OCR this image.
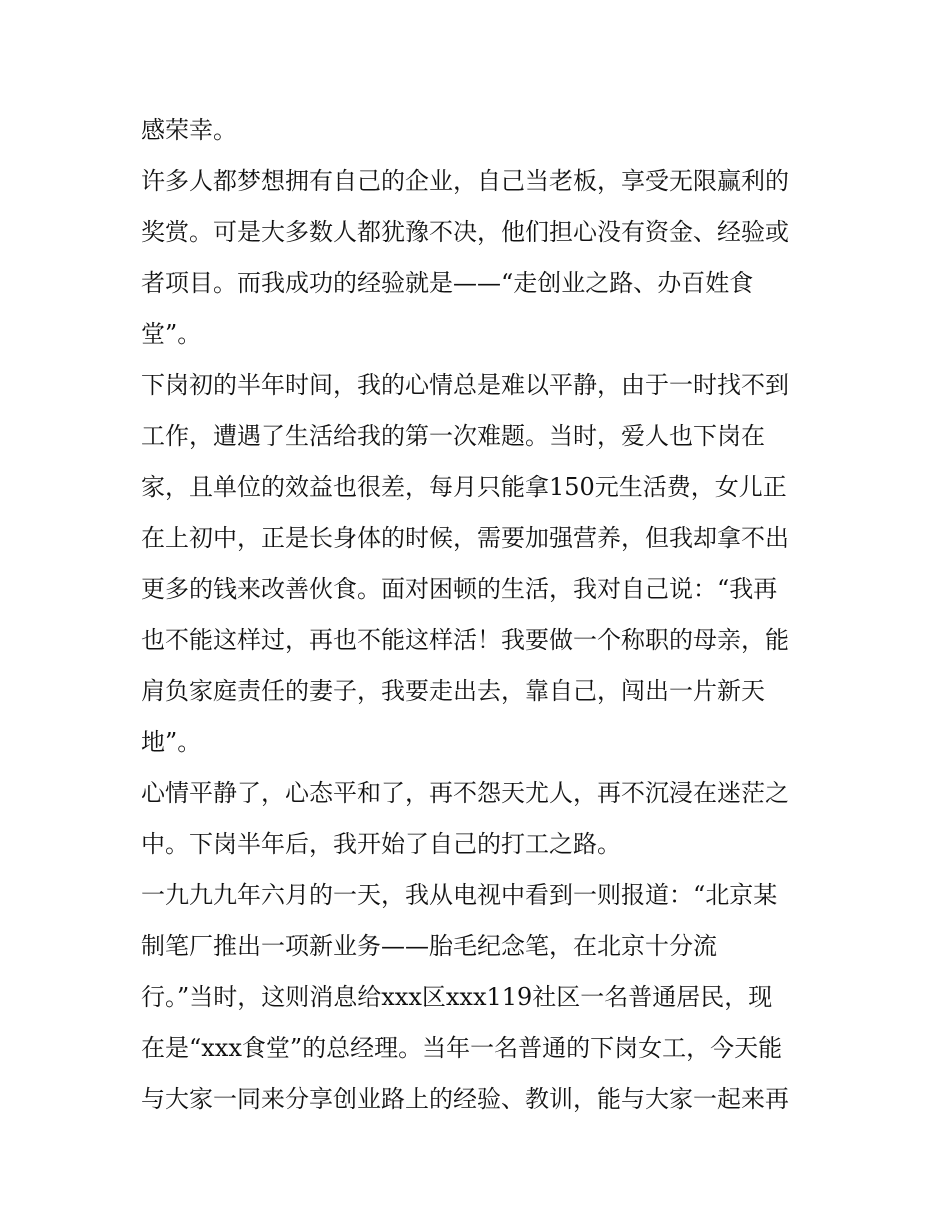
感荣幸。
许多人都梦想拥有自己的企业，自己当老板，享受无限赢利的
奖赏。可是大多数人都犹豫不决，他们担心没有资金、经验或
者项目。而我成功的经验就是——“走创业之路、办百姓食
堂”。
下岗初的半年时间，我的心情总是难以平静，由于一时找不到
工作，遭遇了生活给我的第一次难题。当时，爱人也下岗在
家，且单位的效益也很差，每月只能拿150元生活费，女儿正
在上初中，正是长身体的时候，需要加强营养，但我却拿不出
更多的钱来改善伙食。面对困顿的生活，我对自己说：“我再
也不能这样过，再也不能这样活！我要做一个称职的母亲，能
肩负家庭责任的妻子，我要走出去，靠自己，闯出一片新天
地”。
心情平静了，心态平和了，再不怨天尤人，再不沉浸在迷茫之
中。下岗半年后，我开始了自己的打工之路。
一九九九年六月的一天，我从电视中看到一则报道：“北京某
制笔厂推出一项新业务——胎毛纪念笔，在北京十分流
行。”当时，这则消息给xxx区xxx119社区一名普通居民，现
在是“xxx食堂”的总经理。当年一名普通的下岗女工，今天能
与大家一同来分享创业路上的经验、教训，能与大家一起来再
